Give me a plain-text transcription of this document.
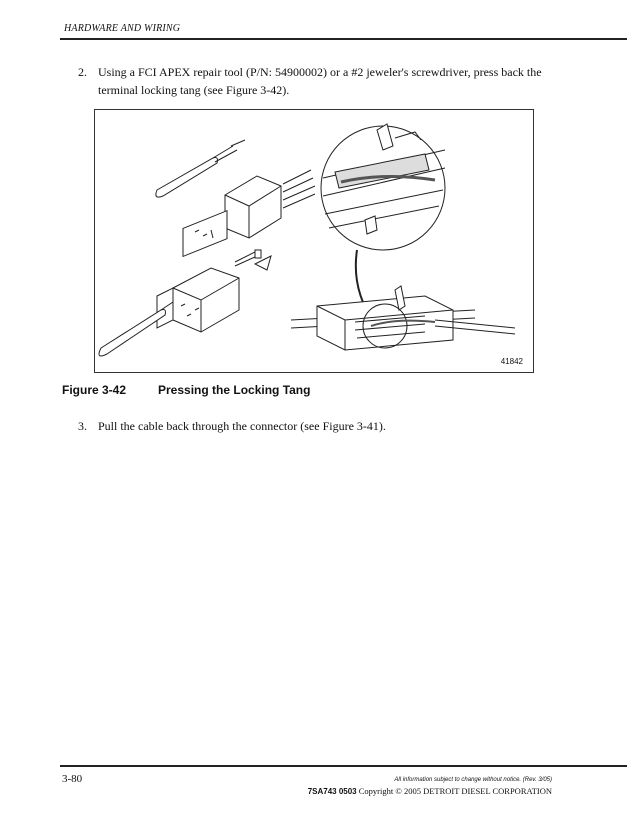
HARDWARE AND WIRING
2. Using a FCI APEX repair tool (P/N: 54900002) or a #2 jeweler's screwdriver, press back the terminal locking tang (see Figure 3-42).
41842
Figure 3-42	Pressing the Locking Tang
3. Pull the cable back through the connector (see Figure 3-41).
3-80	All information subject to change without notice. (Rev. 3/05)
7SA743 0503 Copyright © 2005 DETROIT DIESEL CORPORATION
